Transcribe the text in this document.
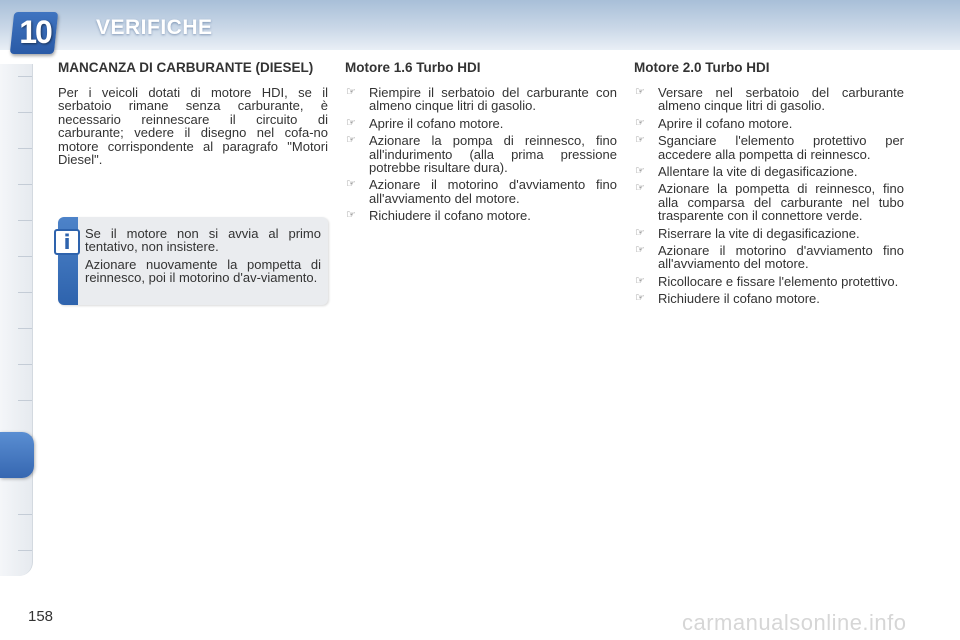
10 VERIFICHE
MANCANZA DI CARBURANTE (DIESEL)

Per i veicoli dotati di motore HDI, se il serbatoio rimane senza carburante, è necessario reinnescare il circuito di carburante; vedere il disegno nel cofa-no motore corrispondente al paragrafo "Motori Diesel".

i	Se il motore non si avvia al primo tentativo, non insistere.

Azionare nuovamente la pompetta di reinnesco, poi il motorino d'av-viamento.

Motore 1.6 Turbo HDI
☞ Riempire il serbatoio del carburante con almeno cinque litri di gasolio.
☞ Aprire il cofano motore.
☞ Azionare la pompa di reinnesco, fino all'indurimento (alla prima pressione potrebbe risultare dura).
☞ Azionare il motorino d'avviamento fino all'avviamento del motore.
☞ Richiudere il cofano motore.
Motore 2.0 Turbo HDI
☞ Versare nel serbatoio del carburante almeno cinque litri di gasolio.
☞ Aprire il cofano motore.
☞ Sganciare l'elemento protettivo per accedere alla pompetta di reinnesco.
☞ Allentare la vite di degasificazione.
☞ Azionare la pompetta di reinnesco, fino alla comparsa del carburante nel tubo trasparente con il connettore verde.
☞ Riserrare la vite di degasificazione.
☞ Azionare il motorino d'avviamento fino all'avviamento del motore.
☞ Ricollocare e fissare l'elemento protettivo.
☞ Richiudere il cofano motore.
158	carmanualsonline.info
